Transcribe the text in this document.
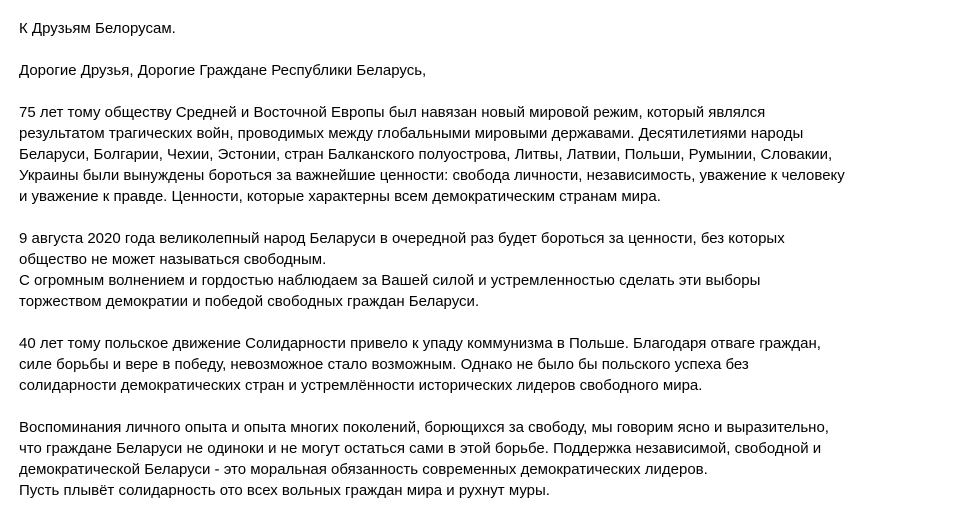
К Друзьям Белорусам.
Дорогие Друзья, Дорогие Граждане Республики Беларусь,
75 лет тому обществу Средней и Восточной Европы был навязан новый мировой режим, который являлся
результатом трагических войн, проводимых между глобальными мировыми державами. Десятилетиями народы
Беларуси, Болгарии, Чехии, Эстонии, стран Балканского полуострова, Литвы, Латвии, Польши, Румынии, Словакии,
Украины были вынуждены бороться за важнейшие ценности: свобода личности, независимость, уважение к человеку
и уважение к правде. Ценности, которые характерны всем демократическим странам мира.
9 августа 2020 года великолепный народ Беларуси в очередной раз будет бороться за ценности, без которых
общество не может называться свободным.
С огромным волнением и гордостью наблюдаем за Вашей силой и устремленностью сделать эти выборы
торжеством демократии и победой свободных граждан Беларуси.
40 лет тому польское движение Солидарности привело к упаду коммунизма в Польше. Благодаря отваге граждан,
силе борьбы и вере в победу, невозможное стало возможным. Однако не было бы польского успеха без
солидарности демократических стран и устремлённости исторических лидеров свободного мира.
Воспоминания личного опыта и опыта многих поколений, борющихся за свободу, мы говорим ясно и выразительно,
что граждане Беларуси не одиноки и не могут остаться сами в этой борьбе. Поддержка независимой, свободной и
демократической Беларуси - это моральная обязанность современных демократических лидеров.
Пусть плывёт солидарность ото всех вольных граждан мира и рухнут муры.
